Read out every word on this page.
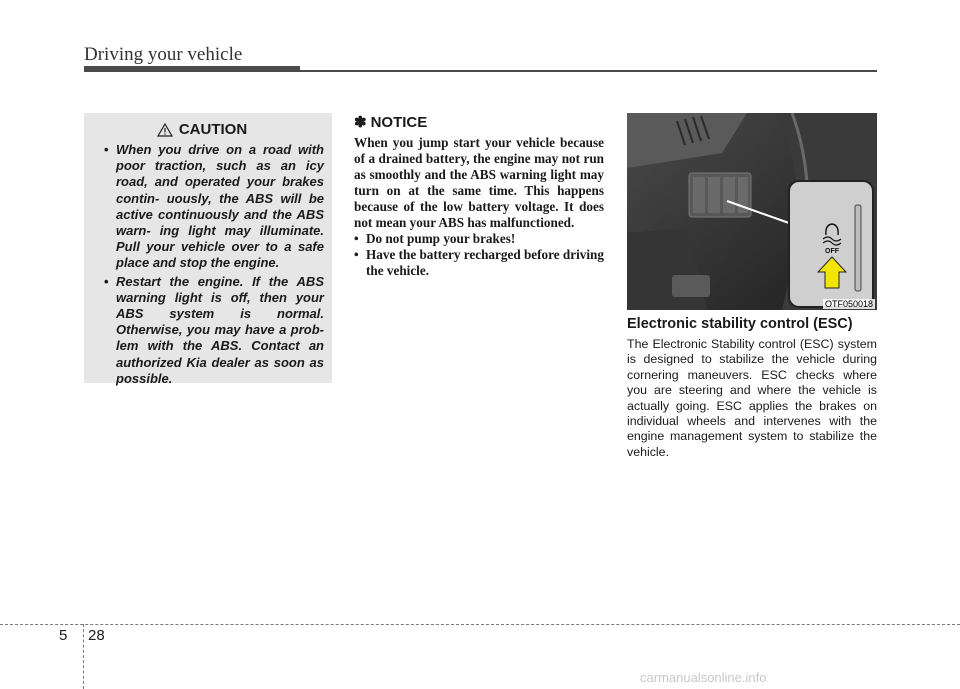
Driving your vehicle
CAUTION
• When you drive on a road with poor traction, such as an icy road, and operated your brakes contin- uously, the ABS will be active continuously and the ABS warn- ing light may illuminate. Pull your vehicle over to a safe place and stop the engine.
• Restart the engine. If the ABS warning light is off, then your ABS system is normal. Otherwise, you may have a prob- lem with the ABS. Contact an authorized Kia dealer as soon as possible.
✽ NOTICE
When you jump start your vehicle because of a drained battery, the engine may not run as smoothly and the ABS warning light may turn on at the same time. This happens because of the low battery voltage. It does not mean your ABS has malfunctioned.
• Do not pump your brakes!
• Have the battery recharged before driving the vehicle.
OFF
OTF050018
Electronic stability control (ESC)
The Electronic Stability control (ESC) system is designed to stabilize the vehicle during cornering maneuvers. ESC checks where you are steering and where the vehicle is actually going. ESC applies the brakes on individual wheels and intervenes with the engine management system to stabilize the vehicle.
5 28
carmanualsonline.info
